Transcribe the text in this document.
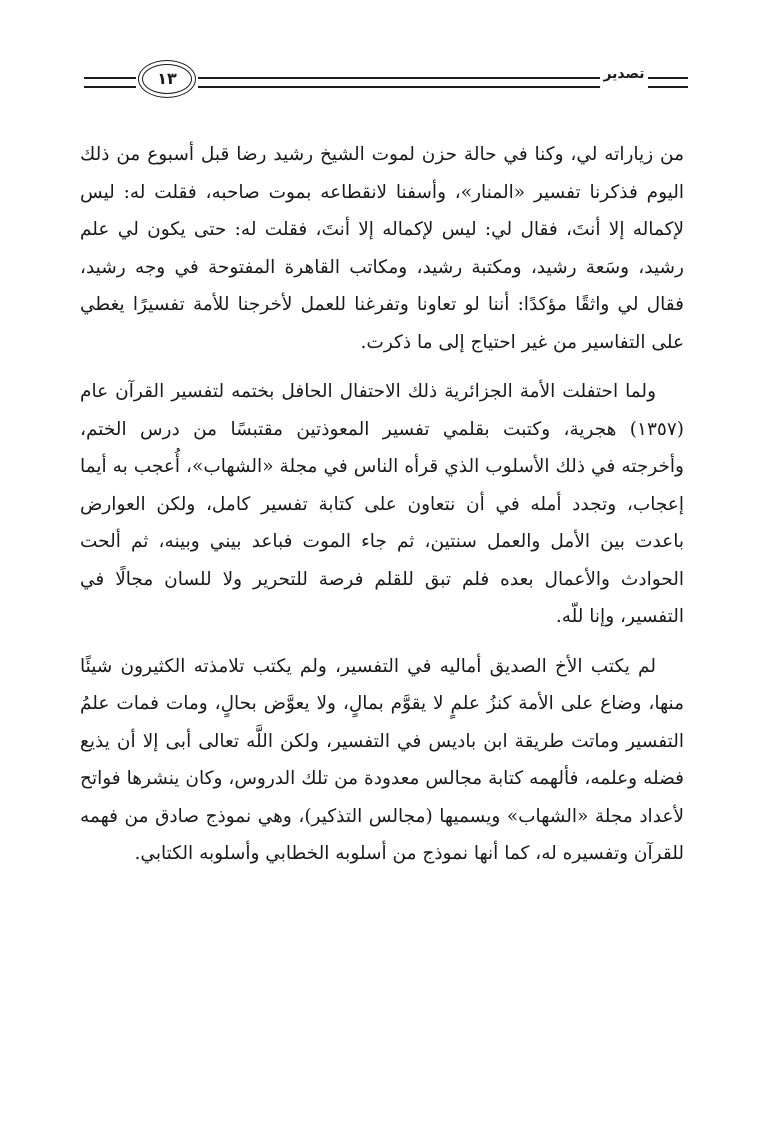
١٣	تصدير

من زياراته لي، وكنا في حالة حزن لموت الشيخ رشيد رضا قبل أسبوع من ذلك اليوم فذكرنا تفسير «المنار»، وأسفنا لانقطاعه بموت صاحبه، فقلت له: ليس لإكماله إلا أنتَ، فقال لي: ليس لإكماله إلا أنتَ، فقلت له: حتى يكون لي علم رشيد، وسَعة رشيد، ومكتبة رشيد، ومكاتب القاهرة المفتوحة في وجه رشيد، فقال لي واثقًا مؤكدًا: أننا لو تعاونا وتفرغنا للعمل لأخرجنا للأمة تفسيرًا يغطي على التفاسير من غير احتياج إلى ما ذكرت.

ولما احتفلت الأمة الجزائرية ذلك الاحتفال الحافل بختمه لتفسير القرآن عام (١٣٥٧) هجرية، وكتبت بقلمي تفسير المعوذتين مقتبسًا من درس الختم، وأخرجته في ذلك الأسلوب الذي قرأه الناس في مجلة «الشهاب»، أُعجب به أيما إعجاب، وتجدد أمله في أن نتعاون على كتابة تفسير كامل، ولكن العوارض باعدت بين الأمل والعمل سنتين، ثم جاء الموت فباعد بيني وبينه، ثم ألحت الحوادث والأعمال بعده فلم تبق للقلم فرصة للتحرير ولا للسان مجالًا في التفسير، وإنا للّه.

لم يكتب الأخ الصديق أماليه في التفسير، ولم يكتب تلامذته الكثيرون شيئًا منها، وضاع على الأمة كنزُ علمٍ لا يقوَّم بمالٍ، ولا يعوَّض بحالٍ، ومات فمات علمُ التفسير وماتت طريقة ابن باديس في التفسير، ولكن اللَّه تعالى أبى إلا أن يذيع فضله وعلمه، فألهمه كتابة مجالس معدودة من تلك الدروس، وكان ينشرها فواتح لأعداد مجلة «الشهاب» ويسميها (مجالس التذكير)، وهي نموذج صادق من فهمه للقرآن وتفسيره له، كما أنها نموذج من أسلوبه الخطابي وأسلوبه الكتابي.
